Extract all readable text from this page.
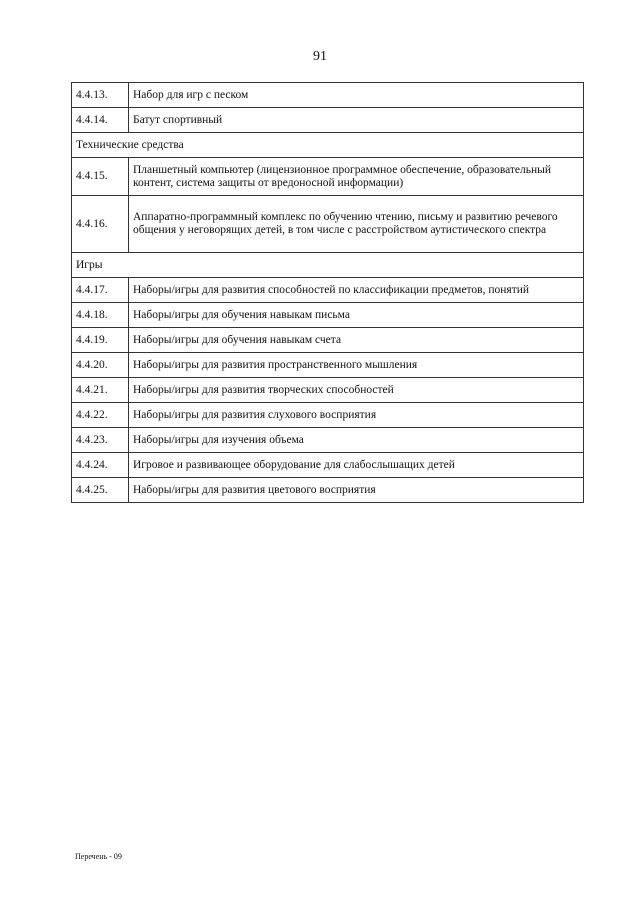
91
4.4.13.	Набор для игр с песком
4.4.14.	Батут спортивный
Технические средства	
4.4.15.	Планшетный компьютер (лицензионное программное обеспечение, образовательный контент, система защиты от вредоносной информации)
4.4.16.	Аппаратно-программный комплекс по обучению чтению, письму и развитию речевого общения у неговорящих детей, в том числе с расстройством аутистического спектра
Игры	
4.4.17.	Наборы/игры для развития способностей по классификации предметов, понятий
4.4.18.	Наборы/игры для обучения навыкам письма
4.4.19.	Наборы/игры для обучения навыкам счета
4.4.20.	Наборы/игры для развития пространственного мышления
4.4.21.	Наборы/игры для развития творческих способностей
4.4.22.	Наборы/игры для развития слухового восприятия
4.4.23.	Наборы/игры для изучения объема
4.4.24.	Игровое и развивающее оборудование для слабослышащих детей
4.4.25.	Наборы/игры для развития цветового восприятия
Перечень - 09
